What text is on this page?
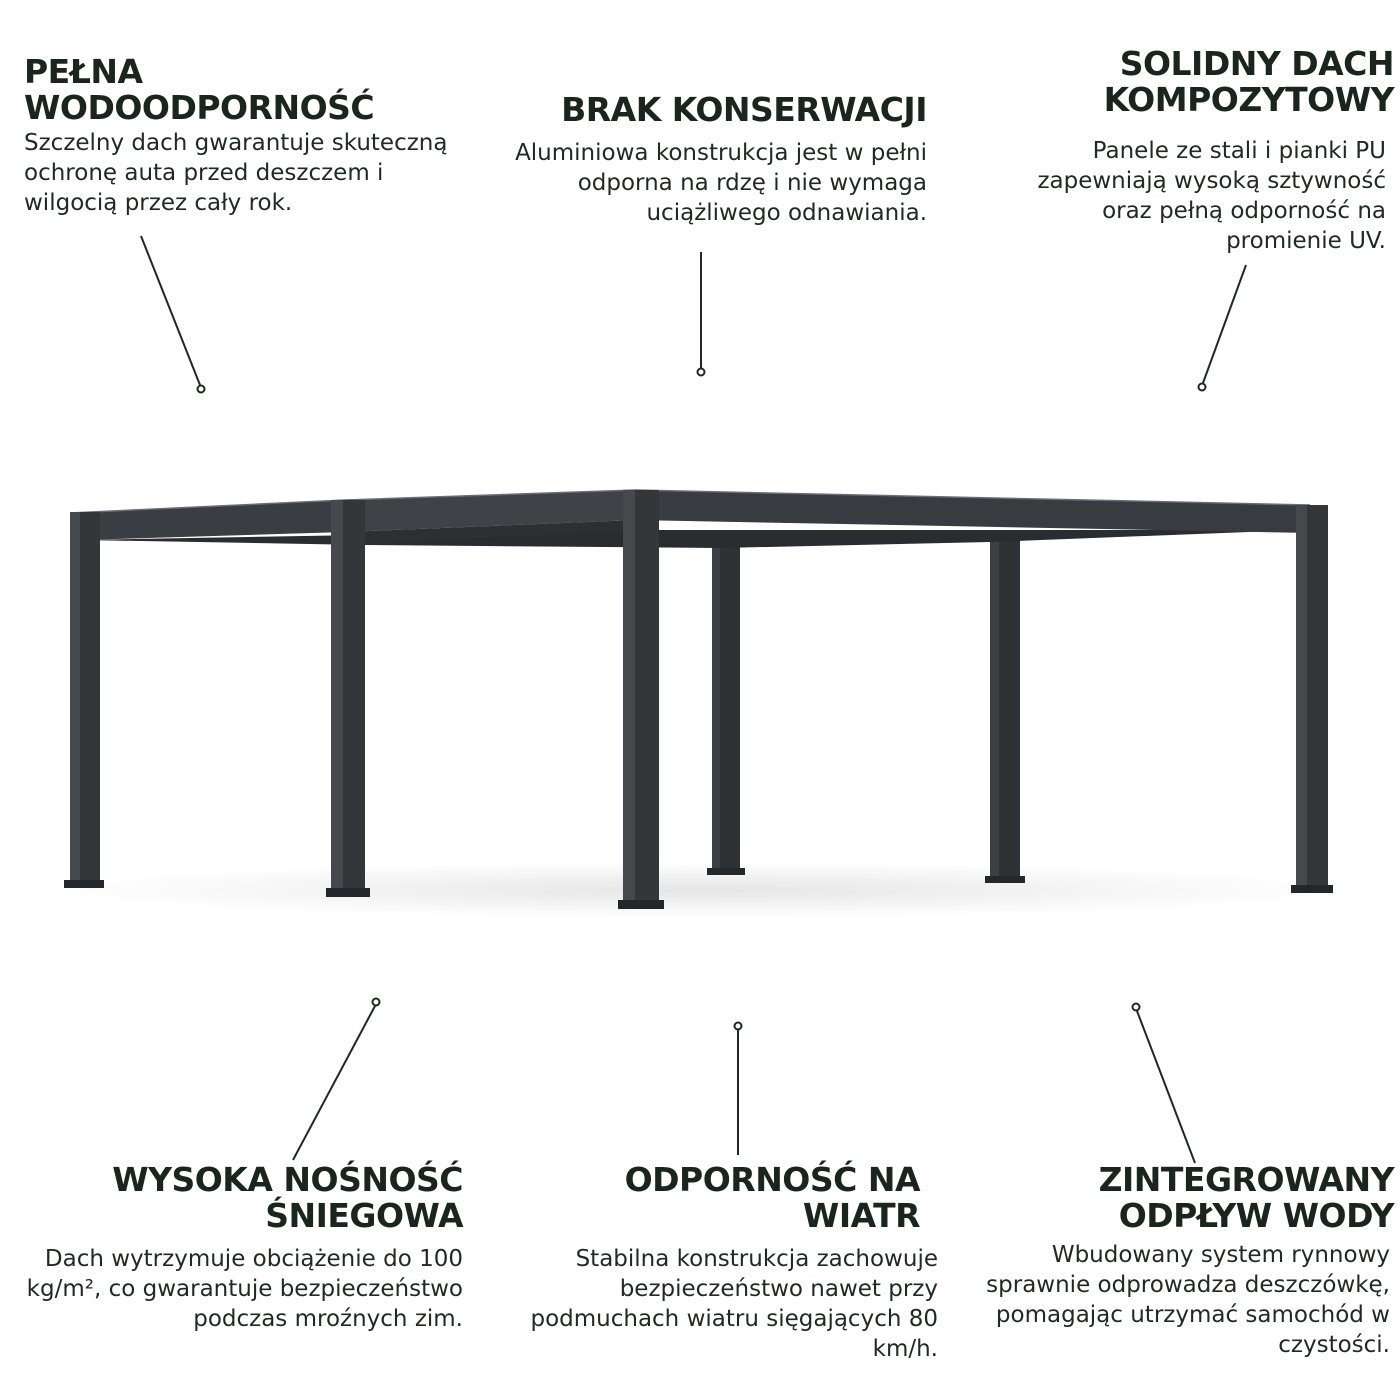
PEŁNA
WODOODPORNOŚĆ

Szczelny dach gwarantuje skuteczną ochronę auta przed deszczem i wilgocią przez cały rok.

BRAK KONSERWACJI

Aluminiowa konstrukcja jest w pełni odporna na rdzę i nie wymaga uciążliwego odnawiania.

SOLIDNY DACH
KOMPOZYTOWY

Panele ze stali i pianki PU zapewniają wysoką sztywność oraz pełną odporność na promienie UV.

WYSOKA NOŚNOŚĆ
ŚNIEGOWA

Dach wytrzymuje obciążenie do 100 kg/m², co gwarantuje bezpieczeństwo podczas mroźnych zim.

ODPORNOŚĆ NA
WIATR

Stabilna konstrukcja zachowuje bezpieczeństwo nawet przy podmuchach wiatru sięgających 80 km/h.

ZINTEGROWANY
ODPŁYW WODY

Wbudowany system rynnowy sprawnie odprowadza deszczówkę, pomagając utrzymać samochód w czystości.
